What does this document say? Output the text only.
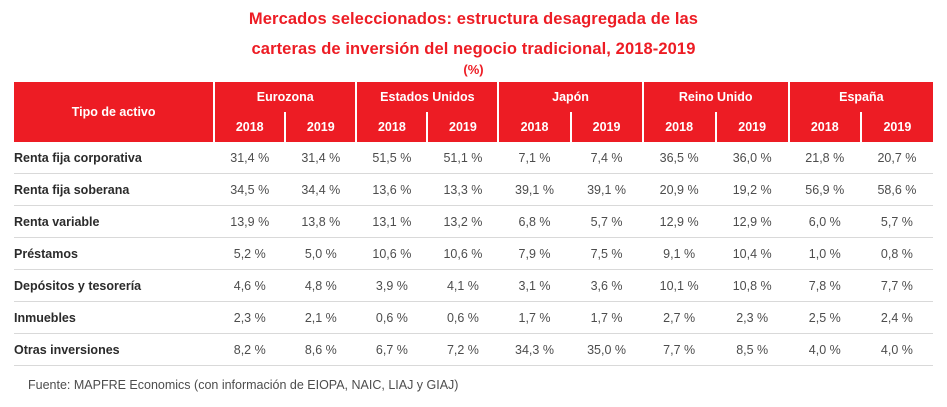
Mercados seleccionados: estructura desagregada de las
carteras de inversión del negocio tradicional, 2018-2019
(%)
Tipo de activo	Eurozona		Estados Unidos		Japón		Reino Unido		España	
	2018	2019	2018	2019	2018	2019	2018	2019	2018	2019
Renta fija corporativa	31,4 %	31,4 %	51,5 %	51,1 %	7,1 %	7,4 %	36,5 %	36,0 %	21,8 %	20,7 %
Renta fija soberana	34,5 %	34,4 %	13,6 %	13,3 %	39,1 %	39,1 %	20,9 %	19,2 %	56,9 %	58,6 %
Renta variable	13,9 %	13,8 %	13,1 %	13,2 %	6,8 %	5,7 %	12,9 %	12,9 %	6,0 %	5,7 %
Préstamos	5,2 %	5,0 %	10,6 %	10,6 %	7,9 %	7,5 %	9,1 %	10,4 %	1,0 %	0,8 %
Depósitos y tesorería	4,6 %	4,8 %	3,9 %	4,1 %	3,1 %	3,6 %	10,1 %	10,8 %	7,8 %	7,7 %
Inmuebles	2,3 %	2,1 %	0,6 %	0,6 %	1,7 %	1,7 %	2,7 %	2,3 %	2,5 %	2,4 %
Otras inversiones	8,2 %	8,6 %	6,7 %	7,2 %	34,3 %	35,0 %	7,7 %	8,5 %	4,0 %	4,0 %
Fuente: MAPFRE Economics (con información de EIOPA, NAIC, LIAJ y GIAJ)
